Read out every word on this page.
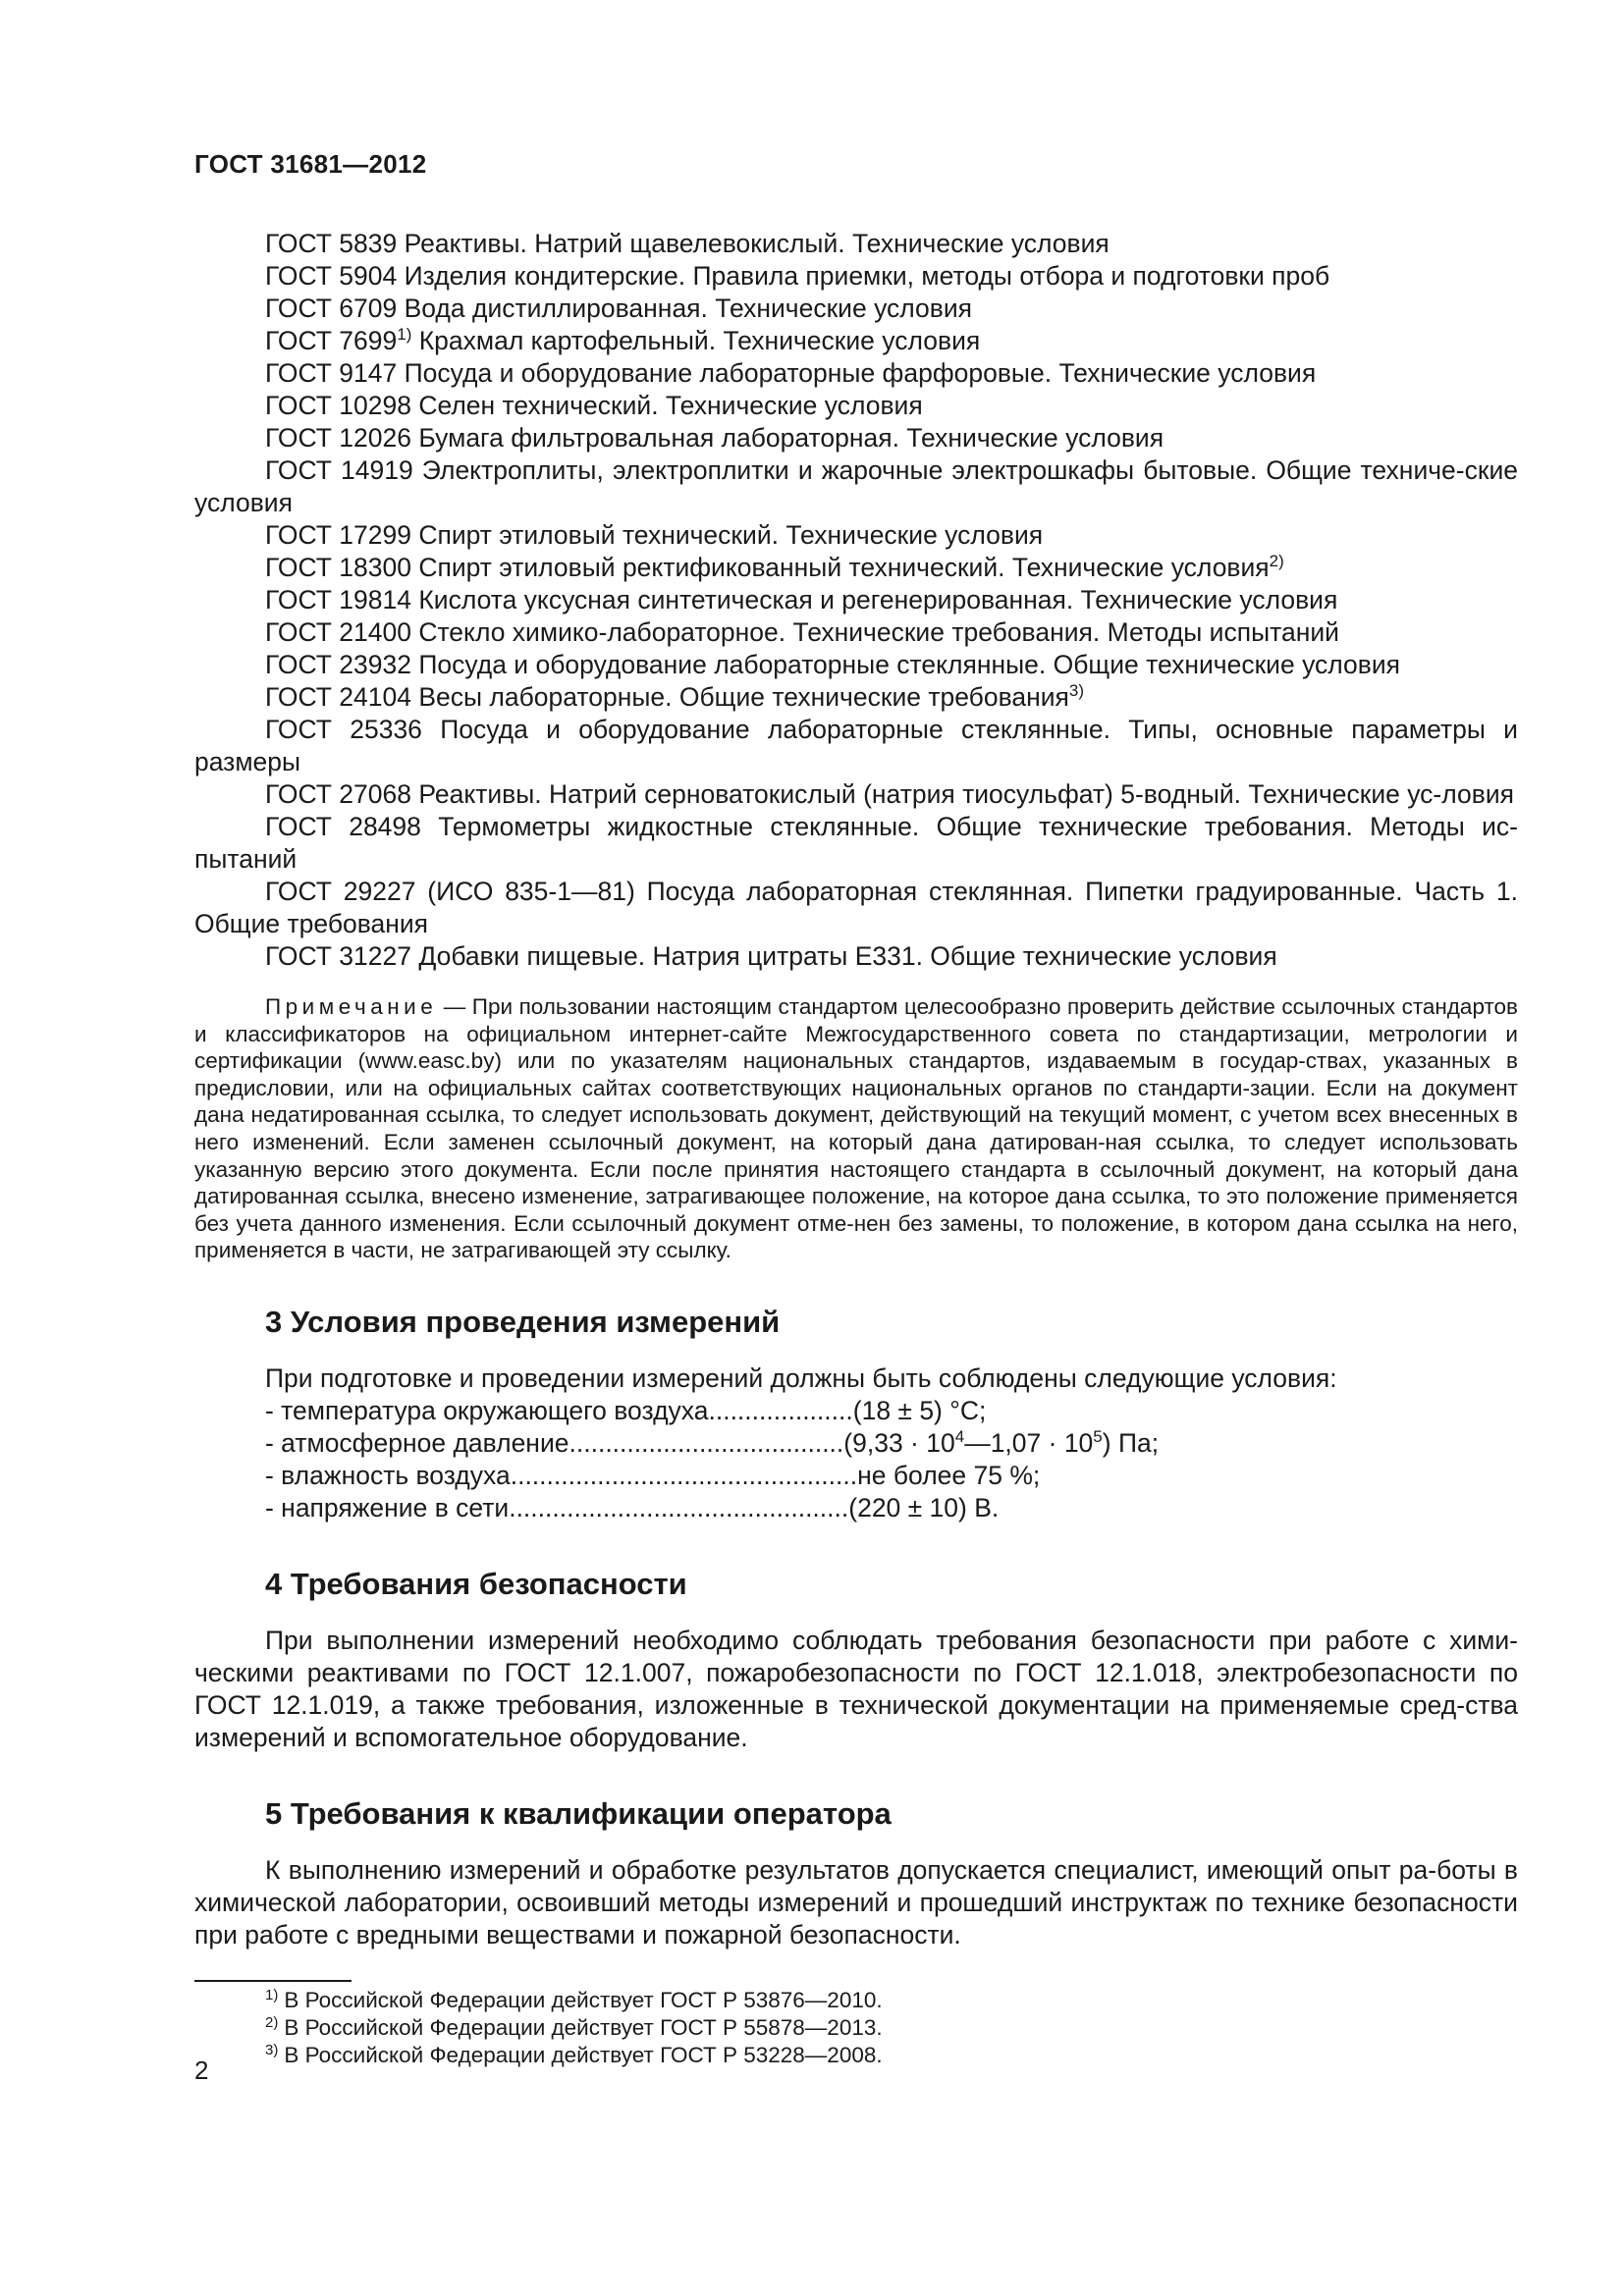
ГОСТ 31681—2012

ГОСТ 5839 Реактивы. Натрий щавелевокислый. Технические условия

ГОСТ 5904 Изделия кондитерские. Правила приемки, методы отбора и подготовки проб

ГОСТ 6709 Вода дистиллированная. Технические условия

ГОСТ 7699$^{1)}$ Крахмал картофельный. Технические условия

ГОСТ 9147 Посуда и оборудование лабораторные фарфоровые. Технические условия

ГОСТ 10298 Селен технический. Технические условия

ГОСТ 12026 Бумага фильтровальная лабораторная. Технические условия

ГОСТ 14919 Электроплиты, электроплитки и жарочные электрошкафы бытовые. Общие техниче-ские условия

ГОСТ 17299 Спирт этиловый технический. Технические условия

ГОСТ 18300 Спирт этиловый ректификованный технический. Технические условия$^{2)}$

ГОСТ 19814 Кислота уксусная синтетическая и регенерированная. Технические условия

ГОСТ 21400 Стекло химико-лабораторное. Технические требования. Методы испытаний

ГОСТ 23932 Посуда и оборудование лабораторные стеклянные. Общие технические условия

ГОСТ 24104 Весы лабораторные. Общие технические требования$^{3)}$

ГОСТ 25336 Посуда и оборудование лабораторные стеклянные. Типы, основные параметры и размеры

ГОСТ 27068 Реактивы. Натрий серноватокислый (натрия тиосульфат) 5-водный. Технические ус-ловия

ГОСТ 28498 Термометры жидкостные стеклянные. Общие технические требования. Методы ис-пытаний

ГОСТ 29227 (ИСО 835-1—81) Посуда лабораторная стеклянная. Пипетки градуированные. Часть 1. Общие требования

ГОСТ 31227 Добавки пищевые. Натрия цитраты Е331. Общие технические условия

Примечание — При пользовании настоящим стандартом целесообразно проверить действие ссылочных стандартов и классификаторов на официальном интернет-сайте Межгосударственного совета по стандартизации, метрологии и сертификации (www.easc.by) или по указателям национальных стандартов, издаваемым в государ-ствах, указанных в предисловии, или на официальных сайтах соответствующих национальных органов по стандарти-зации. Если на документ дана недатированная ссылка, то следует использовать документ, действующий на текущий момент, с учетом всех внесенных в него изменений. Если заменен ссылочный документ, на который дана датирован-ная ссылка, то следует использовать указанную версию этого документа. Если после принятия настоящего стандарта в ссылочный документ, на который дана датированная ссылка, внесено изменение, затрагивающее положение, на которое дана ссылка, то это положение применяется без учета данного изменения. Если ссылочный документ отме-нен без замены, то положение, в котором дана ссылка на него, применяется в части, не затрагивающей эту ссылку.

3 Условия проведения измерений

При подготовке и проведении измерений должны быть соблюдены следующие условия:

- температура окружающего воздуха .................... (18 ± 5) °С;
- атмосферное давление ...................................... $(9,33 \cdot 10^4—1,07 \cdot 10^5)$ Па;
- влажность воздуха ................................................ не более 75 %;
- напряжение в сети ............................................... (220 ± 10) В.
4 Требования безопасности

При выполнении измерений необходимо соблюдать требования безопасности при работе с хими-ческими реактивами по ГОСТ 12.1.007, пожаробезопасности по ГОСТ 12.1.018, электробезопасности по ГОСТ 12.1.019, а также требования, изложенные в технической документации на применяемые сред-ства измерений и вспомогательное оборудование.

5 Требования к квалификации оператора

К выполнению измерений и обработке результатов допускается специалист, имеющий опыт ра-боты в химической лаборатории, освоивший методы измерений и прошедший инструктаж по технике безопасности при работе с вредными веществами и пожарной безопасности.

$^{1)}$ В Российской Федерации действует ГОСТ Р 53876—2010.
$^{2)}$ В Российской Федерации действует ГОСТ Р 55878—2013.
$^{3)}$ В Российской Федерации действует ГОСТ Р 53228—2008.
2
